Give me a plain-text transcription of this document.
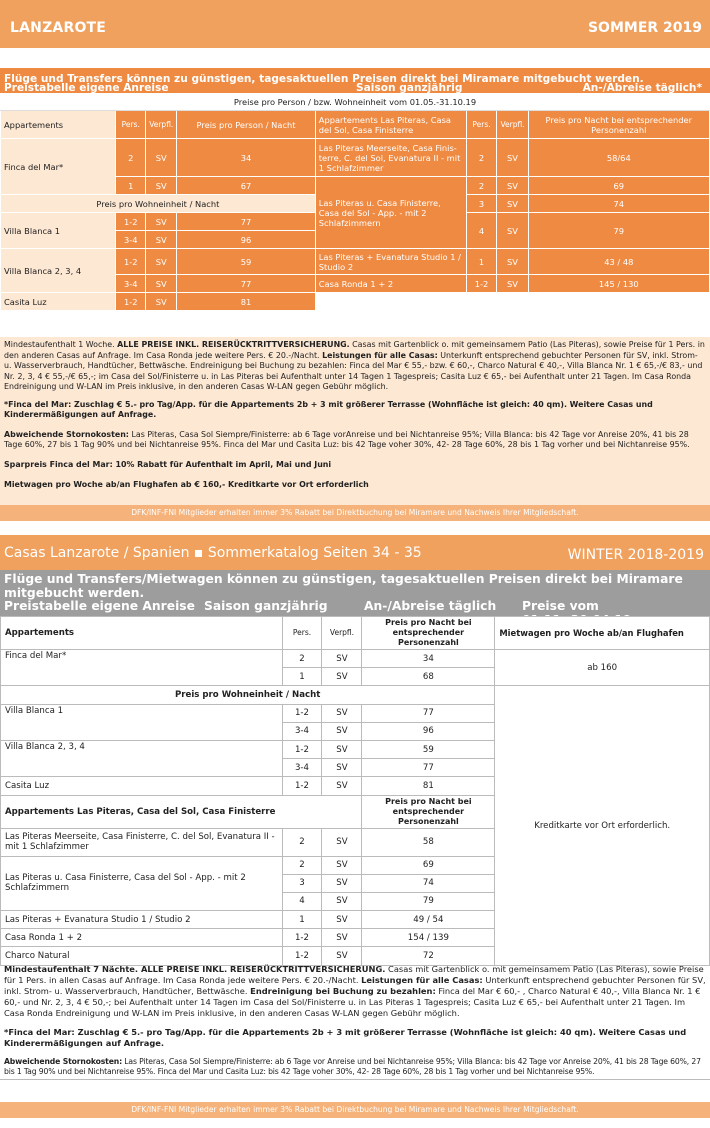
LANZAROTE	SOMMER 2019
Flüge und Transfers können zu günstigen, tagesaktuellen Preisen direkt bei Miramare mitgebucht werden.
Preistabelle eigene Anreise	Saison ganzjährig	An-/Abreise täglich*
Preise pro Person / bzw. Wohneinheit vom 01.05.-31.10.19							
Appartements	Pers.	Verpfl.	Preis pro Person / Nacht	Appartements Las Piteras, Casa del Sol, Casa Finisterre	Pers.	Verpfl.	Preis pro Nacht bei entsprechender Personenzahl
Finca del Mar*	2	SV	34	Las Piteras Meerseite, Casa Finis-terre, C. del Sol, Evanatura II - mit 1 Schlafzimmer	2	SV	58/64
	1	SV	67	Las Piteras u. Casa Finisterre, Casa del Sol - App. - mit 2 Schlafzimmern	2	SV	69
Preis pro Wohneinheit / Nacht					3	SV	74
Villa Blanca 1	1-2	SV	77		4	SV	79
	3-4	SV	96				
Villa Blanca 2, 3, 4	1-2	SV	59	Las Piteras + Evanatura Studio 1 / Studio 2	1	SV	43 / 48
	3-4	SV	77	Casa Ronda 1 + 2	1-2	SV	145 / 130
Casita Luz	1-2	SV	81				

Mindestaufenthalt 1 Woche. ALLE PREISE INKL. REISERÜCKTRITTVERSICHERUNG. Casas mit Gartenblick o. mit gemeinsamem Patio (Las Piteras), sowie Preise für 1 Pers. in den anderen Casas auf Anfrage. Im Casa Ronda jede weitere Pers. € 20.-/Nacht. Leistungen für alle Casas: Unterkunft entsprechend gebuchter Personen für SV, inkl. Strom- u. Wasserverbrauch, Handtücher, Bettwäsche. Endreinigung bei Buchung zu bezahlen: Finca del Mar € 55,- bzw. € 60,-, Charco Natural € 40,-, Villa Blanca Nr. 1 € 65,-/€ 83,- und Nr. 2, 3, 4 € 55,-/€ 65,-; im Casa del Sol/Finisterre u. in Las Piteras bei Aufenthalt unter 14 Tagen 1 Tagespreis; Casita Luz € 65,- bei Aufenthalt unter 21 Tagen. Im Casa Ronda Endreinigung und W-LAN im Preis inklusive, in den anderen Casas W-LAN gegen Gebühr möglich.

*Finca del Mar: Zuschlag € 5.- pro Tag/App. für die Appartements 2b + 3 mit größerer Terrasse (Wohnfläche ist gleich: 40 qm). Weitere Casas und Kinderermäßigungen auf Anfrage.

Abweichende Stornokosten: Las Piteras, Casa Sol Siempre/Finisterre: ab 6 Tage vorAnreise und bei Nichtanreise 95%; Villa Blanca: bis 42 Tage vor Anreise 20%, 41 bis 28 Tage 60%, 27 bis 1 Tag 90% und bei Nichtanreise 95%. Finca del Mar und Casita Luz: bis 42 Tage voher 30%, 42- 28 Tage 60%, 28 bis 1 Tag vorher und bei Nichtanreise 95%.

Sparpreis Finca del Mar: 10% Rabatt für Aufenthalt im April, Mai und Juni

Mietwagen pro Woche ab/an Flughafen ab € 160,- Kreditkarte vor Ort erforderlich

DFK/INF-FNI Mitglieder erhalten immer 3% Rabatt bei Direktbuchung bei Miramare und Nachweis Ihrer Mitgliedschaft.
Casas Lanzarote / Spanien ▪ Sommerkatalog Seiten 34 - 35	WINTER 2018-2019
Flüge und Transfers/Mietwagen können zu günstigen, tagesaktuellen Preisen direkt bei Miramare mitgebucht werden.
Preistabelle eigene Anreise Saison ganzjährig	An-/Abreise täglich Preise vom 01.11.-30.04.19
Appartements	Pers.	Verpfl.	Preis pro Nacht bei entsprechender Personenzahl	Mietwagen pro Woche ab/an Flughafen
Finca del Mar*	2	SV	34	ab 160
	1	SV	68	
Preis pro Wohneinheit / Nacht				Kreditkarte vor Ort erforderlich.
Villa Blanca 1	1-2	SV	77	
	3-4	SV	96	
Villa Blanca 2, 3, 4	1-2	SV	59	
	3-4	SV	77	
Casita Luz	1-2	SV	81	
Appartements Las Piteras, Casa del Sol, Casa Finisterre			Preis pro Nacht bei entsprechender Personenzahl	
Las Piteras Meerseite, Casa Finisterre, C. del Sol, Evanatura II - mit 1 Schlafzimmer	2	SV	58	
Las Piteras u. Casa Finisterre, Casa del Sol - App. - mit 2 Schlafzimmern	2	SV	69	
	3	SV	74	
	4	SV	79	
Las Piteras + Evanatura Studio 1 / Studio 2	1	SV	49 / 54	
Casa Ronda 1 + 2	1-2	SV	154 / 139	
Charco Natural	1-2	SV	72	

Mindestaufenthalt 7 Nächte. ALLE PREISE INKL. REISERÜCKTRITTVERSICHERUNG. Casas mit Gartenblick o. mit gemeinsamem Patio (Las Piteras), sowie Preise für 1 Pers. in allen Casas auf Anfrage. Im Casa Ronda jede weitere Pers. € 20.-/Nacht. Leistungen für alle Casas: Unterkunft entsprechend gebuchter Personen für SV, inkl. Strom- u. Wasserverbrauch, Handtücher, Bettwäsche. Endreinigung bei Buchung zu bezahlen: Finca del Mar € 60,- , Charco Natural € 40,-, Villa Blanca Nr. 1 € 60,- und Nr. 2, 3, 4 € 50,-; bei Aufenthalt unter 14 Tagen im Casa del Sol/Finisterre u. in Las Piteras 1 Tagespreis; Casita Luz € 65,- bei Aufenthalt unter 21 Tagen. Im Casa Ronda Endreinigung und W-LAN im Preis inklusive, in den anderen Casas W-LAN gegen Gebühr möglich.

*Finca del Mar: Zuschlag € 5.- pro Tag/App. für die Appartements 2b + 3 mit größerer Terrasse (Wohnfläche ist gleich: 40 qm). Weitere Casas und Kinderermäßigungen auf Anfrage.

Abweichende Stornokosten: Las Piteras, Casa Sol Siempre/Finisterre: ab 6 Tage vor Anreise und bei Nichtanreise 95%; Villa Blanca: bis 42 Tage vor Anreise 20%, 41 bis 28 Tage 60%, 27 bis 1 Tag 90% und bei Nichtanreise 95%. Finca del Mar und Casita Luz: bis 42 Tage voher 30%, 42- 28 Tage 60%, 28 bis 1 Tag vorher und bei Nichtanreise 95%.

DFK/INF-FNI Mitglieder erhalten immer 3% Rabatt bei Direktbuchung bei Miramare und Nachweis Ihrer Mitgliedschaft.
